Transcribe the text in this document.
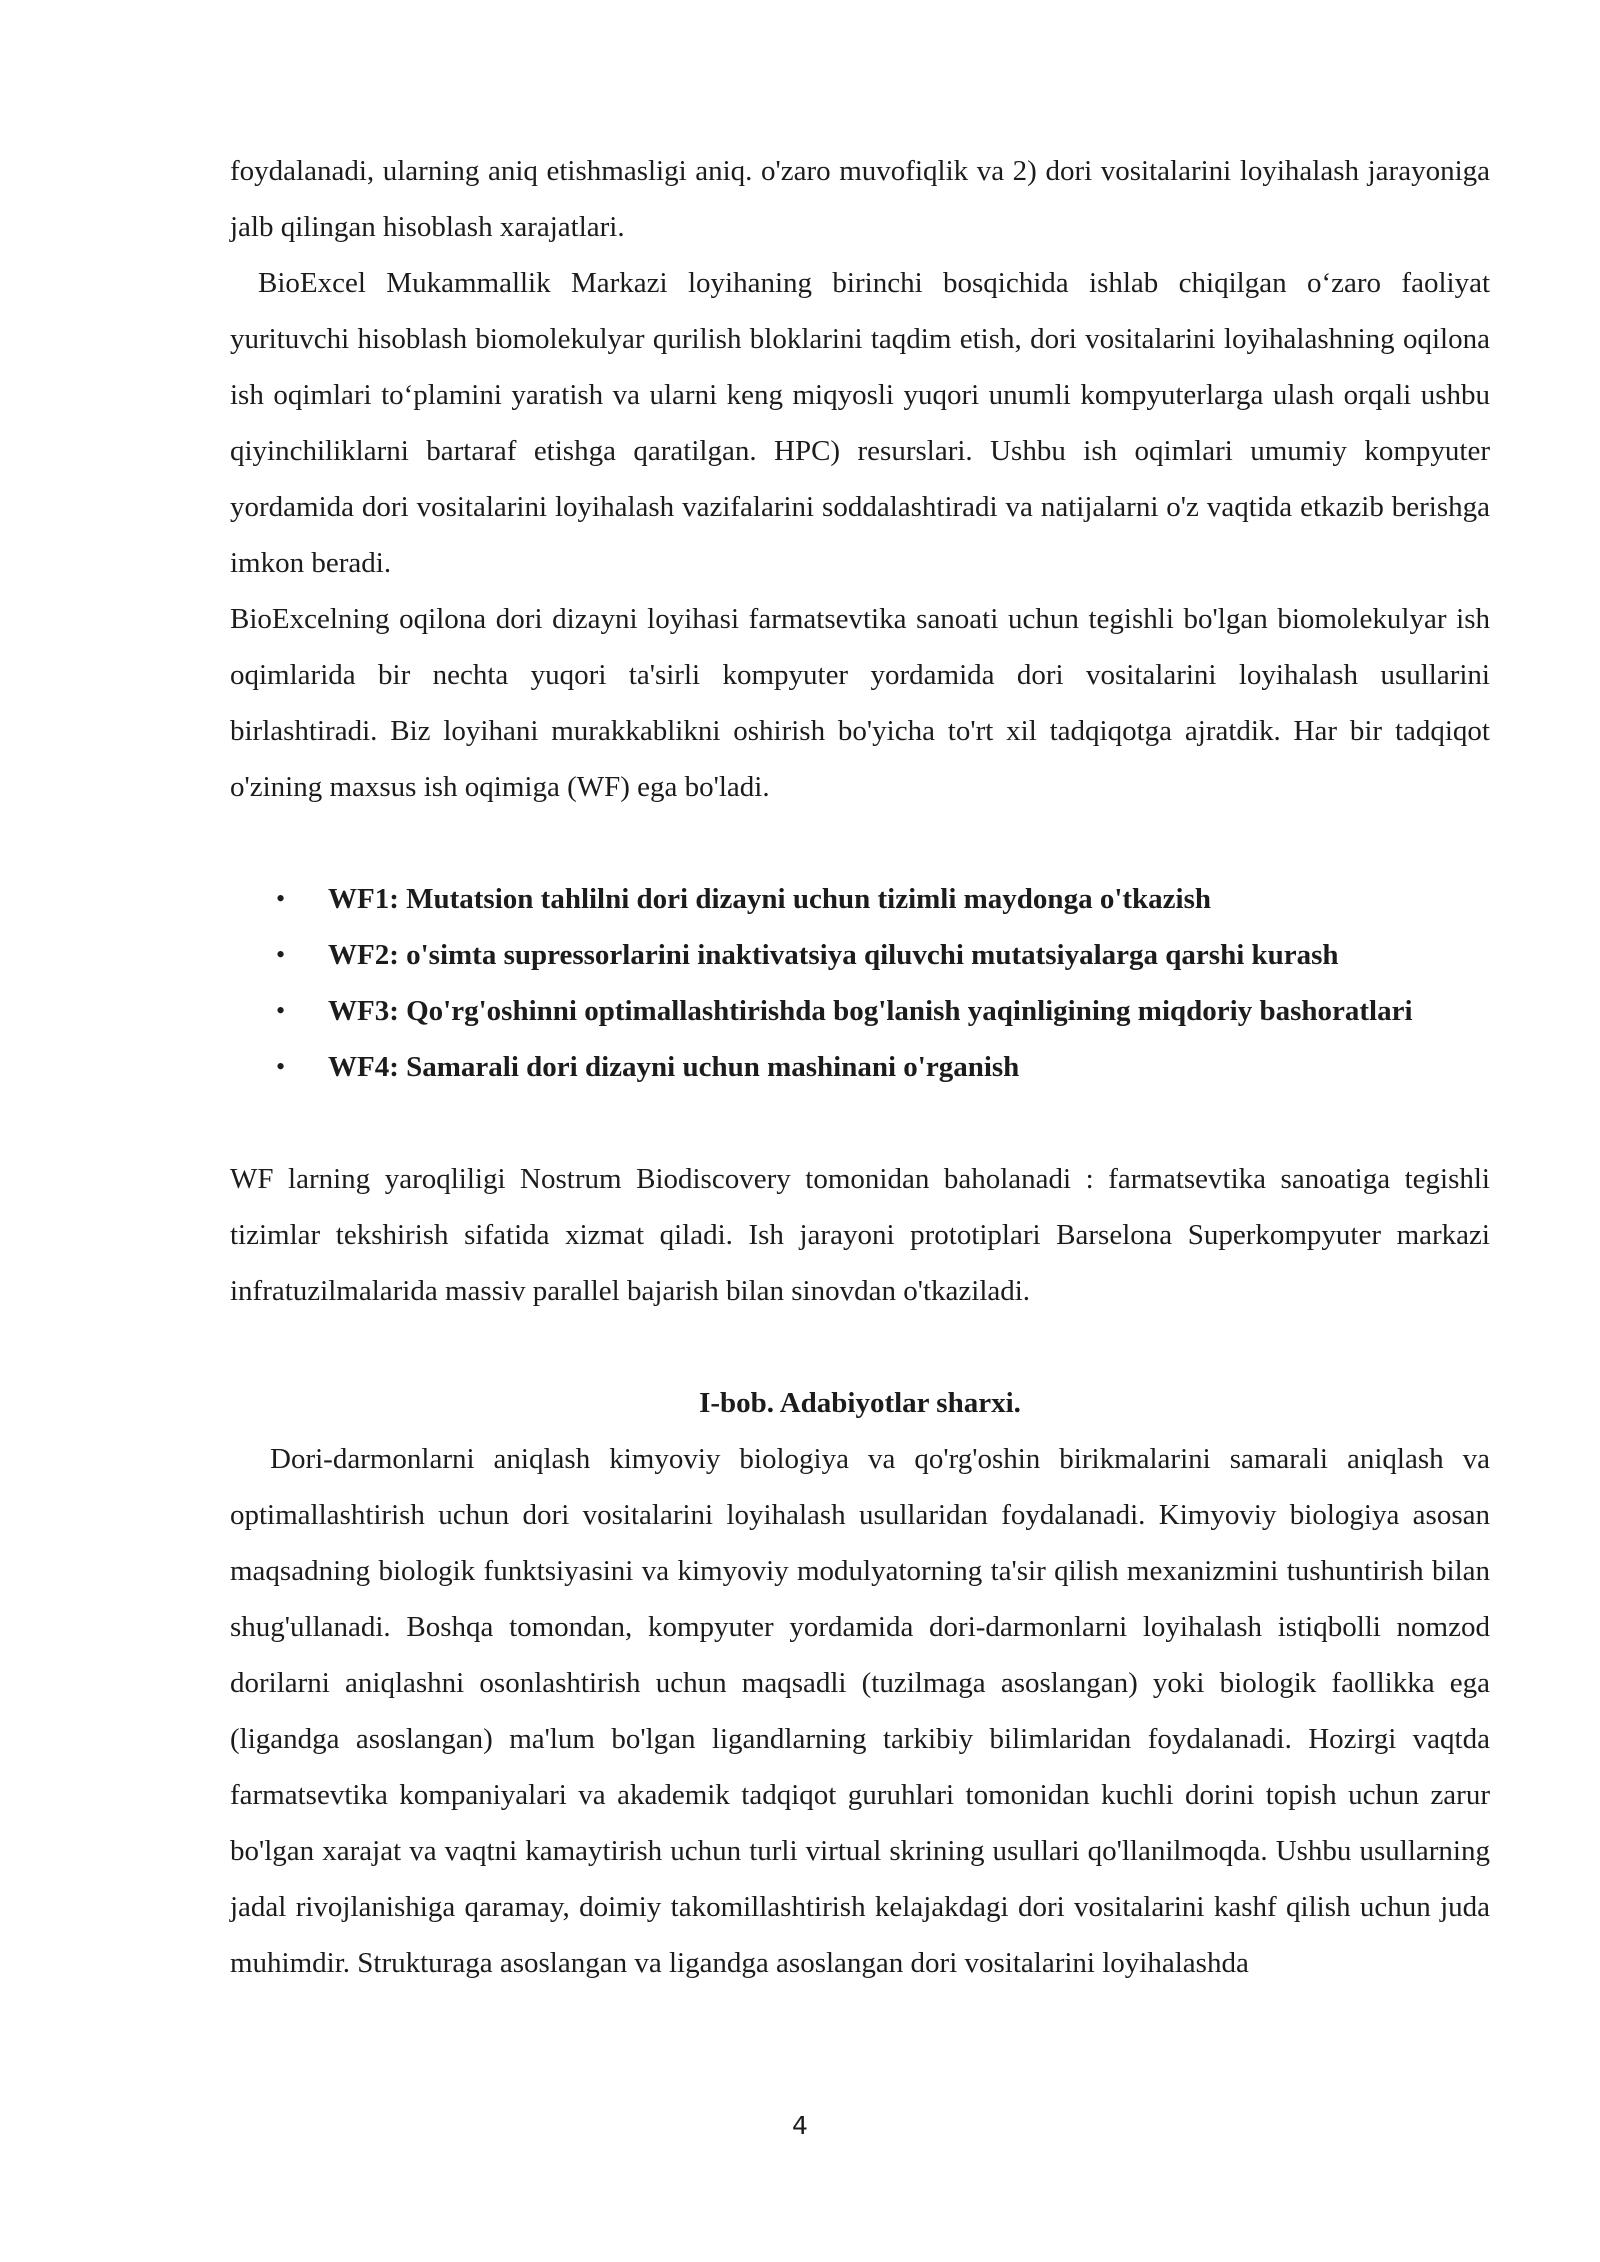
foydalanadi, ularning aniq etishmasligi aniq. o'zaro muvofiqlik va 2) dori vositalarini loyihalash jarayoniga jalb qilingan hisoblash xarajatlari.

BioExcel Mukammallik Markazi loyihaning birinchi bosqichida ishlab chiqilgan o‘zaro faoliyat yurituvchi hisoblash biomolekulyar qurilish bloklarini taqdim etish, dori vositalarini loyihalashning oqilona ish oqimlari to‘plamini yaratish va ularni keng miqyosli yuqori unumli kompyuterlarga ulash orqali ushbu qiyinchiliklarni bartaraf etishga qaratilgan. HPC) resurslari. Ushbu ish oqimlari umumiy kompyuter yordamida dori vositalarini loyihalash vazifalarini soddalashtiradi va natijalarni o'z vaqtida etkazib berishga imkon beradi.

BioExcelning oqilona dori dizayni loyihasi farmatsevtika sanoati uchun tegishli bo'lgan biomolekulyar ish oqimlarida bir nechta yuqori ta'sirli kompyuter yordamida dori vositalarini loyihalash usullarini birlashtiradi. Biz loyihani murakkablikni oshirish bo'yicha to'rt xil tadqiqotga ajratdik. Har bir tadqiqot o'zining maxsus ish oqimiga (WF) ega bo'ladi.

• WF1: Mutatsion tahlilni dori dizayni uchun tizimli maydonga o'tkazish
• WF2: o'simta supressorlarini inaktivatsiya qiluvchi mutatsiyalarga qarshi kurash
• WF3: Qo'rg'oshinni optimallashtirishda bog'lanish yaqinligining miqdoriy bashoratlari
• WF4: Samarali dori dizayni uchun mashinani o'rganish

WF larning yaroqliligi Nostrum Biodiscovery tomonidan baholanadi : farmatsevtika sanoatiga tegishli tizimlar tekshirish sifatida xizmat qiladi. Ish jarayoni prototiplari Barselona Superkompyuter markazi infratuzilmalarida massiv parallel bajarish bilan sinovdan o'tkaziladi.

I-bob. Adabiyotlar sharxi.

Dori-darmonlarni aniqlash kimyoviy biologiya va qo'rg'oshin birikmalarini samarali aniqlash va optimallashtirish uchun dori vositalarini loyihalash usullaridan foydalanadi. Kimyoviy biologiya asosan maqsadning biologik funktsiyasini va kimyoviy modulyatorning ta'sir qilish mexanizmini tushuntirish bilan shug'ullanadi. Boshqa tomondan, kompyuter yordamida dori-darmonlarni loyihalash istiqbolli nomzod dorilarni aniqlashni osonlashtirish uchun maqsadli (tuzilmaga asoslangan) yoki biologik faollikka ega (ligandga asoslangan) ma'lum bo'lgan ligandlarning tarkibiy bilimlaridan foydalanadi. Hozirgi vaqtda farmatsevtika kompaniyalari va akademik tadqiqot guruhlari tomonidan kuchli dorini topish uchun zarur bo'lgan xarajat va vaqtni kamaytirish uchun turli virtual skrining usullari qo'llanilmoqda. Ushbu usullarning jadal rivojlanishiga qaramay, doimiy takomillashtirish kelajakdagi dori vositalarini kashf qilish uchun juda muhimdir. Strukturaga asoslangan va ligandga asoslangan dori vositalarini loyihalashda

4
